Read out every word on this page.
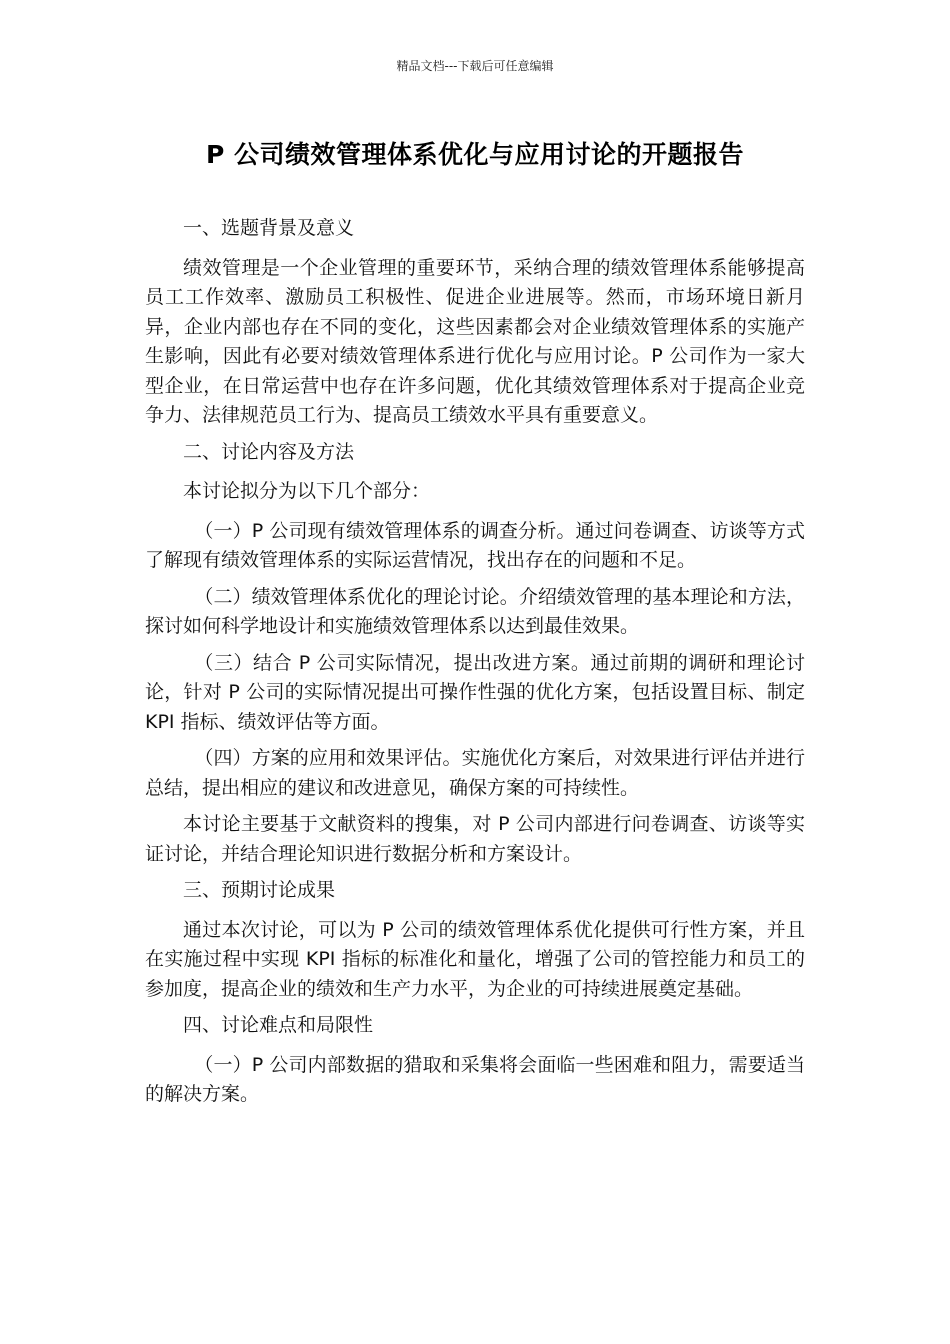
精品文档---下载后可任意编辑
P 公司绩效管理体系优化与应用讨论的开题报告

一、选题背景及意义

绩效管理是一个企业管理的重要环节，采纳合理的绩效管理体系能够提高员工工作效率、激励员工积极性、促进企业进展等。然而，市场环境日新月异，企业内部也存在不同的变化，这些因素都会对企业绩效管理体系的实施产生影响，因此有必要对绩效管理体系进行优化与应用讨论。P 公司作为一家大型企业，在日常运营中也存在许多问题，优化其绩效管理体系对于提高企业竞争力、法律规范员工行为、提高员工绩效水平具有重要意义。

二、讨论内容及方法

本讨论拟分为以下几个部分：

（一）P 公司现有绩效管理体系的调查分析。通过问卷调查、访谈等方式了解现有绩效管理体系的实际运营情况，找出存在的问题和不足。

（二）绩效管理体系优化的理论讨论。介绍绩效管理的基本理论和方法，探讨如何科学地设计和实施绩效管理体系以达到最佳效果。

（三）结合 P 公司实际情况，提出改进方案。通过前期的调研和理论讨论，针对 P 公司的实际情况提出可操作性强的优化方案，包括设置目标、制定 KPI 指标、绩效评估等方面。

（四）方案的应用和效果评估。实施优化方案后，对效果进行评估并进行总结，提出相应的建议和改进意见，确保方案的可持续性。

本讨论主要基于文献资料的搜集，对 P 公司内部进行问卷调查、访谈等实证讨论，并结合理论知识进行数据分析和方案设计。

三、预期讨论成果

通过本次讨论，可以为 P 公司的绩效管理体系优化提供可行性方案，并且在实施过程中实现 KPI 指标的标准化和量化，增强了公司的管控能力和员工的参加度，提高企业的绩效和生产力水平，为企业的可持续进展奠定基础。

四、讨论难点和局限性

（一）P 公司内部数据的猎取和采集将会面临一些困难和阻力，需要适当的解决方案。
